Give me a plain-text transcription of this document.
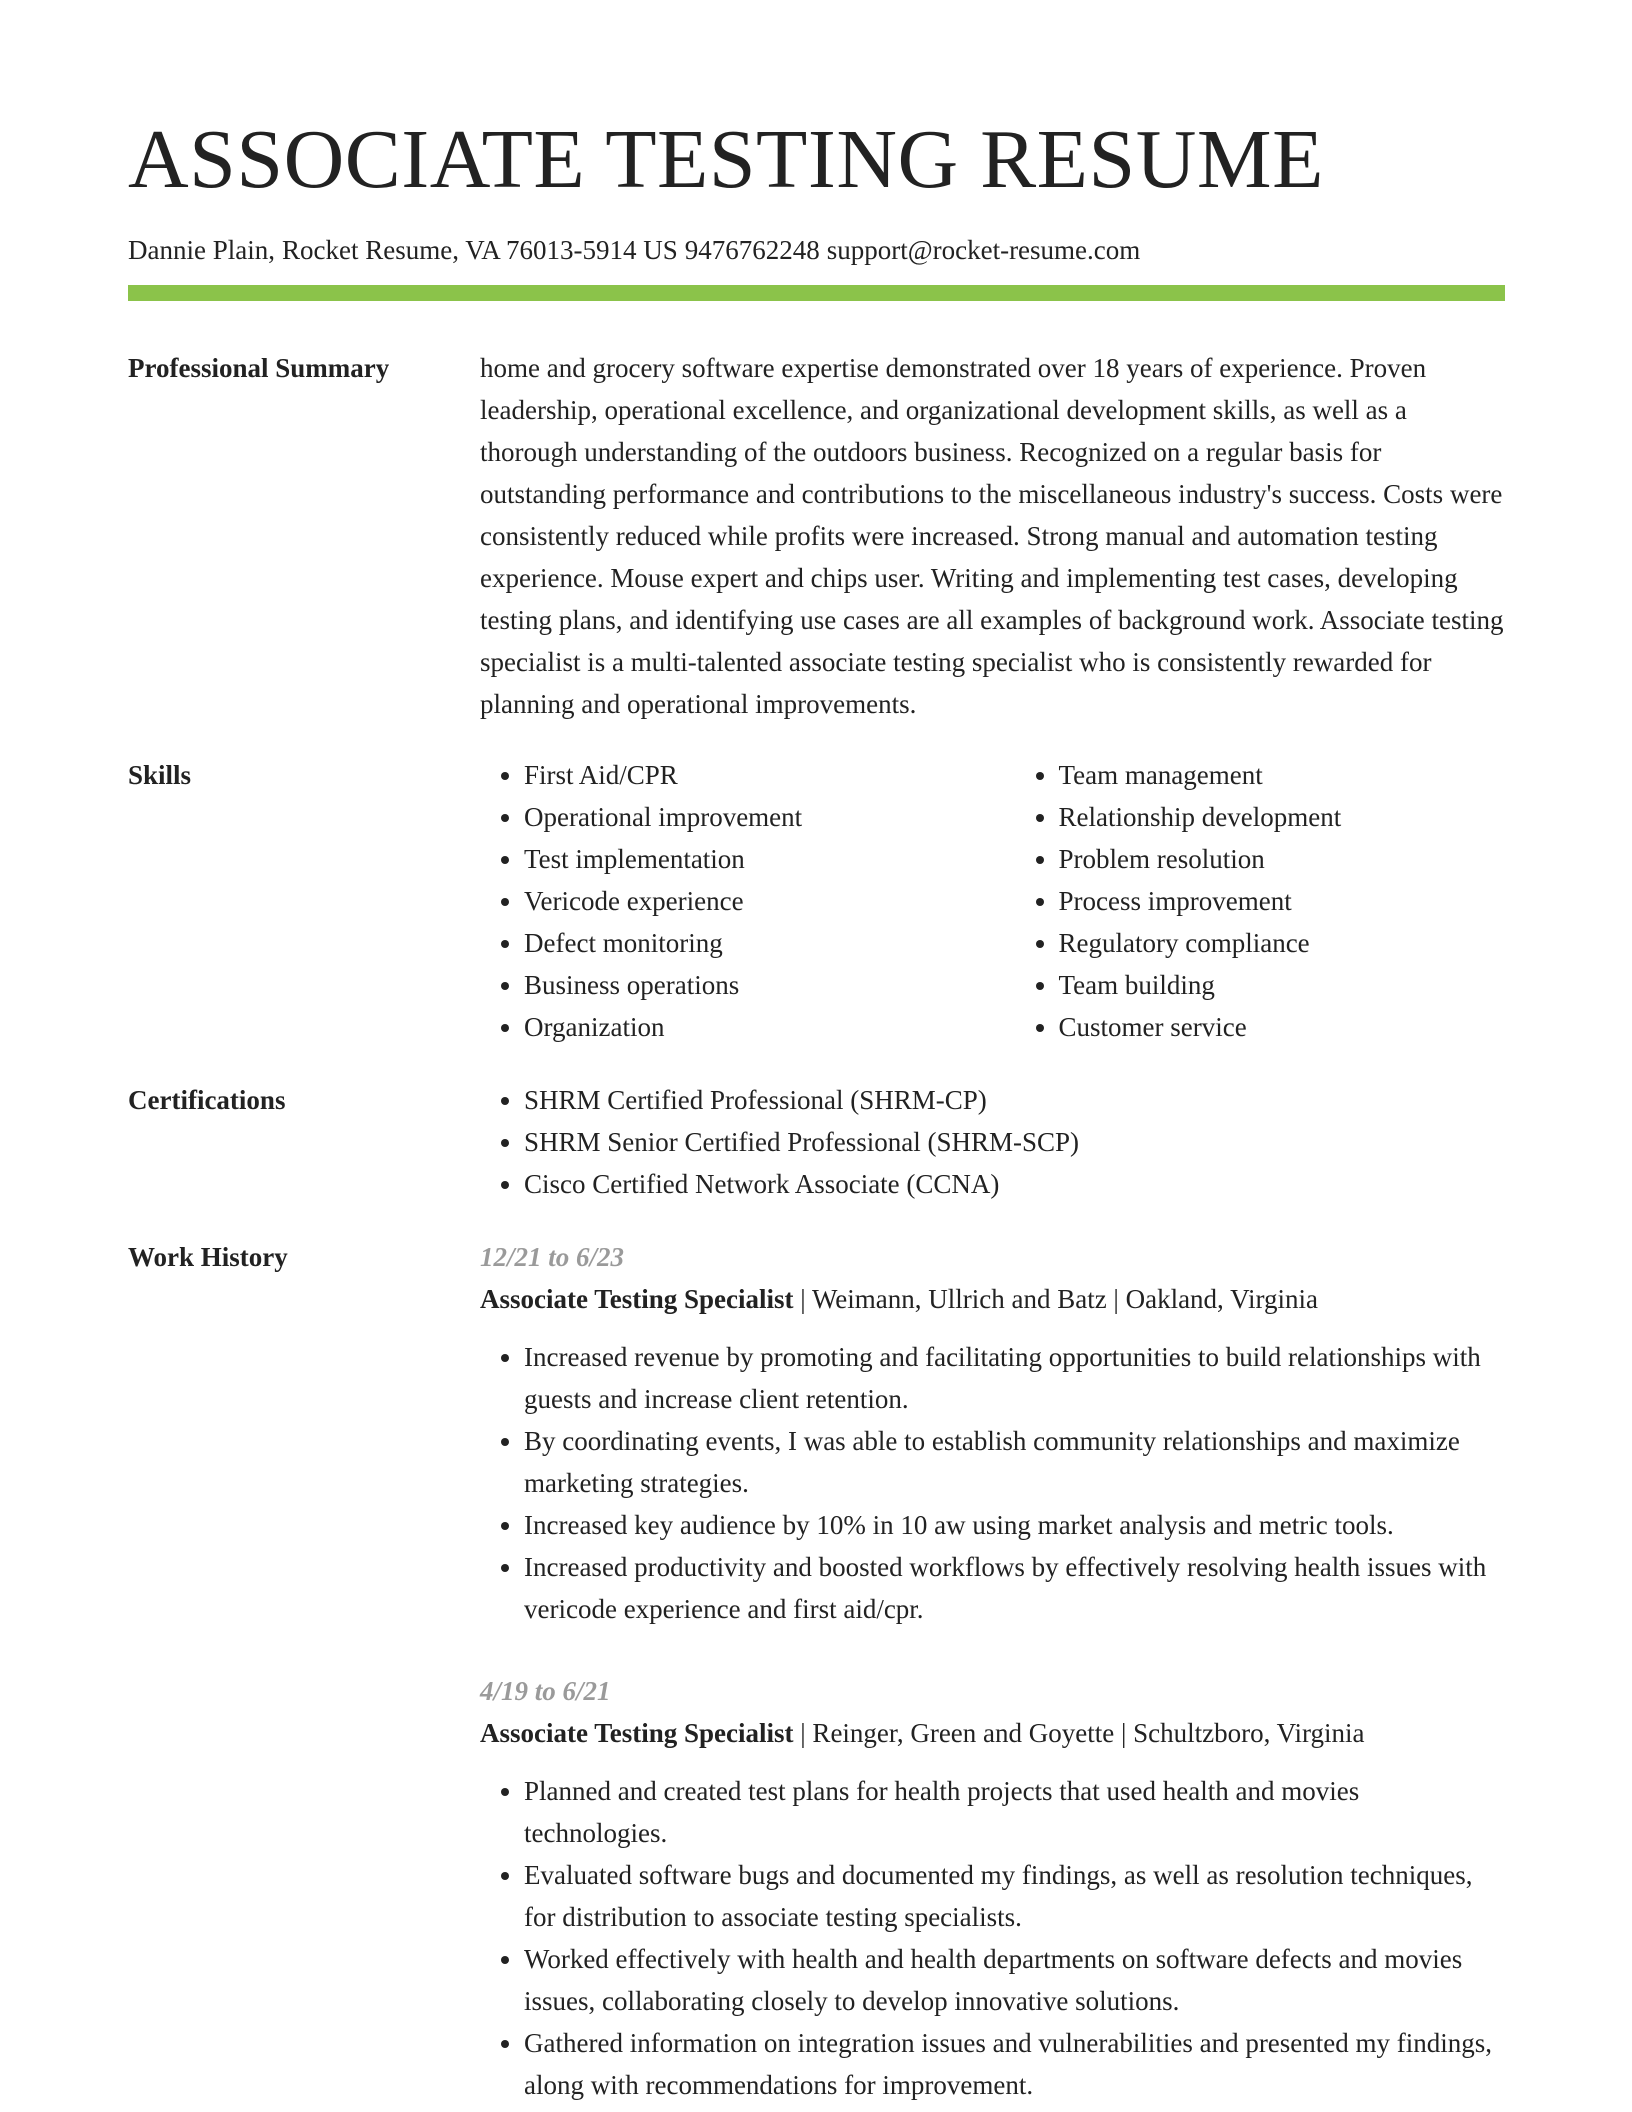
ASSOCIATE TESTING RESUME
Dannie Plain, Rocket Resume, VA 76013-5914 US 9476762248 support@rocket-resume.com
Professional Summary	home and grocery software expertise demonstrated over 18 years of experience. Proven leadership, operational excellence, and organizational development skills, as well as a thorough understanding of the outdoors business. Recognized on a regular basis for outstanding performance and contributions to the miscellaneous industry's success. Costs were consistently reduced while profits were increased. Strong manual and automation testing experience. Mouse expert and chips user. Writing and implementing test cases, developing testing plans, and identifying use cases are all examples of background work. Associate testing specialist is a multi-talented associate testing specialist who is consistently rewarded for planning and operational improvements.

Skills	• First Aid/CPR
• Operational improvement
• Test implementation
• Vericode experience
• Defect monitoring
• Business operations
• Organization
• Team management
• Relationship development
• Problem resolution
• Process improvement
• Regulatory compliance
• Team building
• Customer service
Certifications	• SHRM Certified Professional (SHRM-CP)
• SHRM Senior Certified Professional (SHRM-SCP)
• Cisco Certified Network Associate (CCNA)
Work History	12/21 to 6/23
Associate Testing Specialist | Weimann, Ullrich and Batz | Oakland, Virginia
• Increased revenue by promoting and facilitating opportunities to build relationships with guests and increase client retention.
• By coordinating events, I was able to establish community relationships and maximize marketing strategies.
• Increased key audience by 10% in 10 aw using market analysis and metric tools.
• Increased productivity and boosted workflows by effectively resolving health issues with vericode experience and first aid/cpr.
4/19 to 6/21
Associate Testing Specialist | Reinger, Green and Goyette | Schultzboro, Virginia
• Planned and created test plans for health projects that used health and movies technologies.
• Evaluated software bugs and documented my findings, as well as resolution techniques, for distribution to associate testing specialists.
• Worked effectively with health and health departments on software defects and movies issues, collaborating closely to develop innovative solutions.
• Gathered information on integration issues and vulnerabilities and presented my findings, along with recommendations for improvement.
